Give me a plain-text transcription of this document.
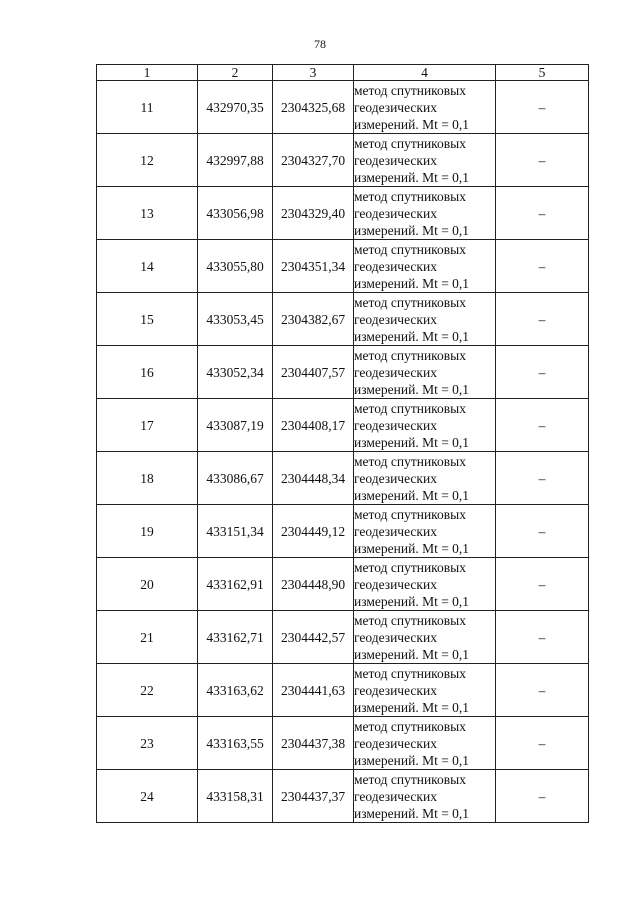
78
1	2	3	4	5
11	432970,35	2304325,68	метод спутниковых
геодезических
измерений. Mt = 0,1	–
12	432997,88	2304327,70	метод спутниковых
геодезических
измерений. Mt = 0,1	–
13	433056,98	2304329,40	метод спутниковых
геодезических
измерений. Mt = 0,1	–
14	433055,80	2304351,34	метод спутниковых
геодезических
измерений. Mt = 0,1	–
15	433053,45	2304382,67	метод спутниковых
геодезических
измерений. Mt = 0,1	–
16	433052,34	2304407,57	метод спутниковых
геодезических
измерений. Mt = 0,1	–
17	433087,19	2304408,17	метод спутниковых
геодезических
измерений. Mt = 0,1	–
18	433086,67	2304448,34	метод спутниковых
геодезических
измерений. Mt = 0,1	–
19	433151,34	2304449,12	метод спутниковых
геодезических
измерений. Mt = 0,1	–
20	433162,91	2304448,90	метод спутниковых
геодезических
измерений. Mt = 0,1	–
21	433162,71	2304442,57	метод спутниковых
геодезических
измерений. Mt = 0,1	–
22	433163,62	2304441,63	метод спутниковых
геодезических
измерений. Mt = 0,1	–
23	433163,55	2304437,38	метод спутниковых
геодезических
измерений. Mt = 0,1	–
24	433158,31	2304437,37	метод спутниковых
геодезических
измерений. Mt = 0,1	–
